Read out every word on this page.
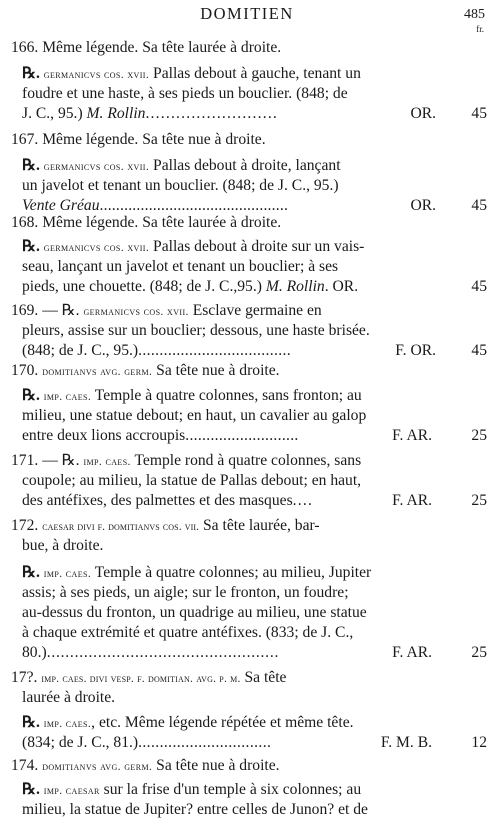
DOMITIEN	485
fr.
166. Même légende. Sa tête laurée à droite.
℞. germanicvs cos. xvii. Pallas debout à gauche, tenant un
foudre et une haste, à ses pieds un bouclier. (848; de
J. C., 95.) M. Rollin..........................	OR. 45
167. Même légende. Sa tête nue à droite.
℞. germanicvs cos. xvii. Pallas debout à droite, lançant
un javelot et tenant un bouclier. (848; de J. C., 95.)
Vente Gréau..............................................	OR. 45
168. Même légende. Sa tête laurée à droite.
℞. germanicvs cos. xvii. Pallas debout à droite sur un vais-
seau, lançant un javelot et tenant un bouclier; à ses
pieds, une chouette. (848; de J. C.,95.) M. Rollin. OR.	45
169. — ℞. germanicvs cos. xvii. Esclave germaine en
pleurs, assise sur un bouclier; dessous, une haste brisée.
(848; de J. C., 95.)....................................	F. OR. 45
170. domitianvs avg. germ. Sa tête nue à droite.
℞. imp. caes. Temple à quatre colonnes, sans fronton; au
milieu, une statue debout; en haut, un cavalier au galop
entre deux lions accroupis...........................	F. AR.	25
171. — ℞. imp. caes. Temple rond à quatre colonnes, sans
coupole; au milieu, la statue de Pallas debout; en haut,
des antéfixes, des palmettes et des masques....	F. AR.	25
172. caesar divi f. domitianvs cos. vii. Sa tête laurée, bar-
bue, à droite.
℞. imp. caes. Temple à quatre colonnes; au milieu, Jupiter
assis; à ses pieds, un aigle; sur le fronton, un foudre;
au-dessus du fronton, un quadrige au milieu, une statue
à chaque extrémité et quatre antéfixes. (833; de J. C.,
80.)..................................................	F. AR.	25
17?. imp. caes. divi vesp. f. domitian. avg. p. m. Sa tête
laurée à droite.
℞. imp. caes., etc. Même légende répétée et même tête.
(834; de J. C., 81.)...............................	F. M. B.	12
174. domitianvs avg. germ. Sa tête nue à droite.
℞. imp. caesar sur la frise d'un temple à six colonnes; au
milieu, la statue de Jupiter? entre celles de Junon? et de
